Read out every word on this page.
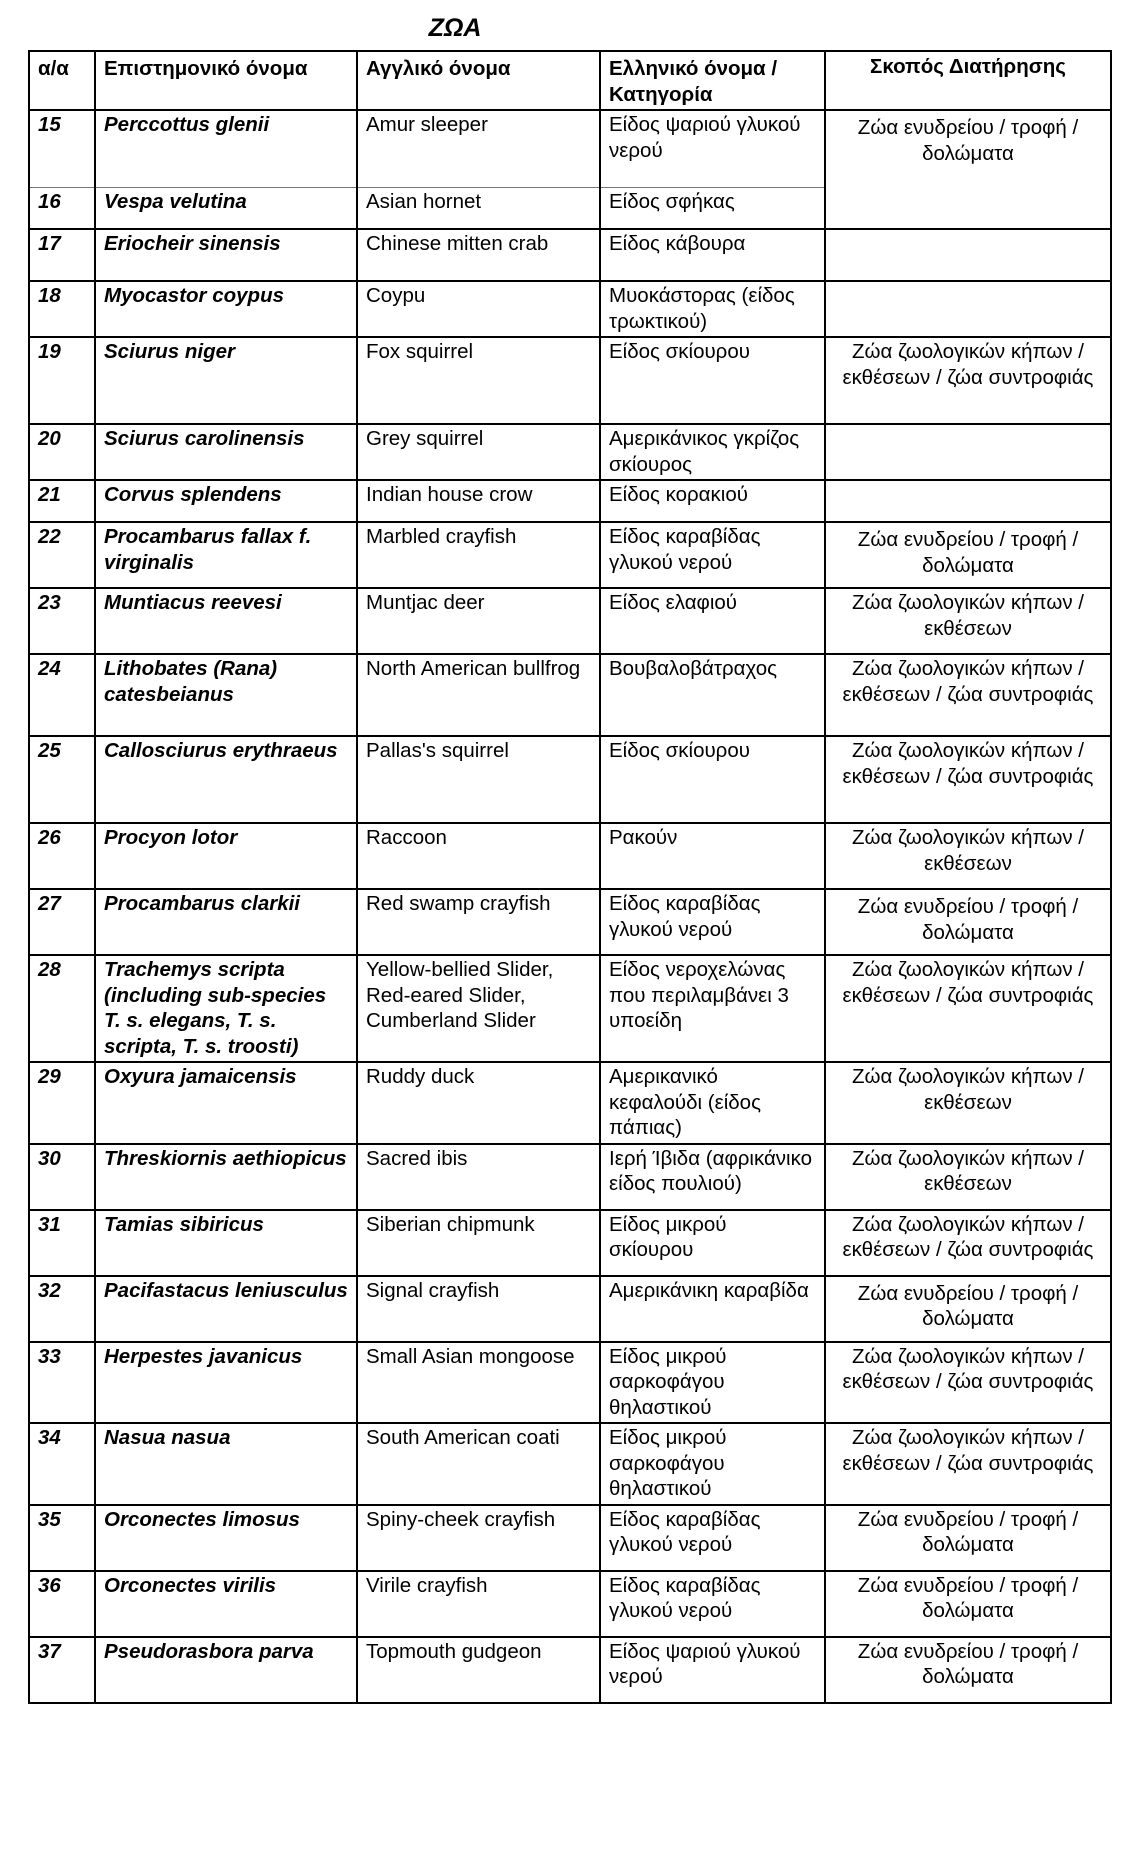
ΖΩΑ
α/α	Επιστημονικό όνομα	Αγγλικό όνομα	Ελληνικό όνομα / Κατηγορία	Σκοπός Διατήρησης
15	Perccottus glenii	Amur sleeper	Είδος ψαριού γλυκού νερού	Ζώα ενυδρείου / τροφή / δολώματα
16	Vespa velutina	Asian hornet	Είδος σφήκας	
17	Eriocheir sinensis	Chinese mitten crab	Είδος κάβουρα	
18	Myocastor coypus	Coypu	Μυοκάστορας (είδος τρωκτικού)	
19	Sciurus niger	Fox squirrel	Είδος σκίουρου	Ζώα ζωολογικών κήπων / εκθέσεων / ζώα συντροφιάς
20	Sciurus carolinensis	Grey squirrel	Αμερικάνικος γκρίζος σκίουρος	
21	Corvus splendens	Indian house crow	Είδος κορακιού	
22	Procambarus fallax f. virginalis	Marbled crayfish	Είδος καραβίδας γλυκού νερού	Ζώα ενυδρείου / τροφή / δολώματα
23	Muntiacus reevesi	Muntjac deer	Είδος ελαφιού	Ζώα ζωολογικών κήπων / εκθέσεων
24	Lithobates (Rana) catesbeianus	North American bullfrog	Βουβαλοβάτραχος	Ζώα ζωολογικών κήπων / εκθέσεων / ζώα συντροφιάς
25	Callosciurus erythraeus	Pallas's squirrel	Είδος σκίουρου	Ζώα ζωολογικών κήπων / εκθέσεων / ζώα συντροφιάς
26	Procyon lotor	Raccoon	Ρακούν	Ζώα ζωολογικών κήπων / εκθέσεων
27	Procambarus clarkii	Red swamp crayfish	Είδος καραβίδας γλυκού νερού	Ζώα ενυδρείου / τροφή / δολώματα
28	Trachemys scripta (including sub-species T. s. elegans, T. s. scripta, T. s. troosti)	Yellow-bellied Slider, Red-eared Slider, Cumberland Slider	Είδος νεροχελώνας που περιλαμβάνει 3 υποείδη	Ζώα ζωολογικών κήπων / εκθέσεων / ζώα συντροφιάς
29	Oxyura jamaicensis	Ruddy duck	Αμερικανικό κεφαλούδι (είδος πάπιας)	Ζώα ζωολογικών κήπων / εκθέσεων
30	Threskiornis aethiopicus	Sacred ibis	Ιερή Ίβιδα (αφρικάνικο είδος πουλιού)	Ζώα ζωολογικών κήπων / εκθέσεων
31	Tamias sibiricus	Siberian chipmunk	Είδος μικρού σκίουρου	Ζώα ζωολογικών κήπων / εκθέσεων / ζώα συντροφιάς
32	Pacifastacus leniusculus	Signal crayfish	Αμερικάνικη καραβίδα	Ζώα ενυδρείου / τροφή / δολώματα
33	Herpestes javanicus	Small Asian mongoose	Είδος μικρού σαρκοφάγου θηλαστικού	Ζώα ζωολογικών κήπων / εκθέσεων / ζώα συντροφιάς
34	Nasua nasua	South American coati	Είδος μικρού σαρκοφάγου θηλαστικού	Ζώα ζωολογικών κήπων / εκθέσεων / ζώα συντροφιάς
35	Orconectes limosus	Spiny-cheek crayfish	Είδος καραβίδας γλυκού νερού	Ζώα ενυδρείου / τροφή / δολώματα
36	Orconectes virilis	Virile crayfish	Είδος καραβίδας γλυκού νερού	Ζώα ενυδρείου / τροφή / δολώματα
37	Pseudorasbora parva	Topmouth gudgeon	Είδος ψαριού γλυκού νερού	Ζώα ενυδρείου / τροφή / δολώματα
